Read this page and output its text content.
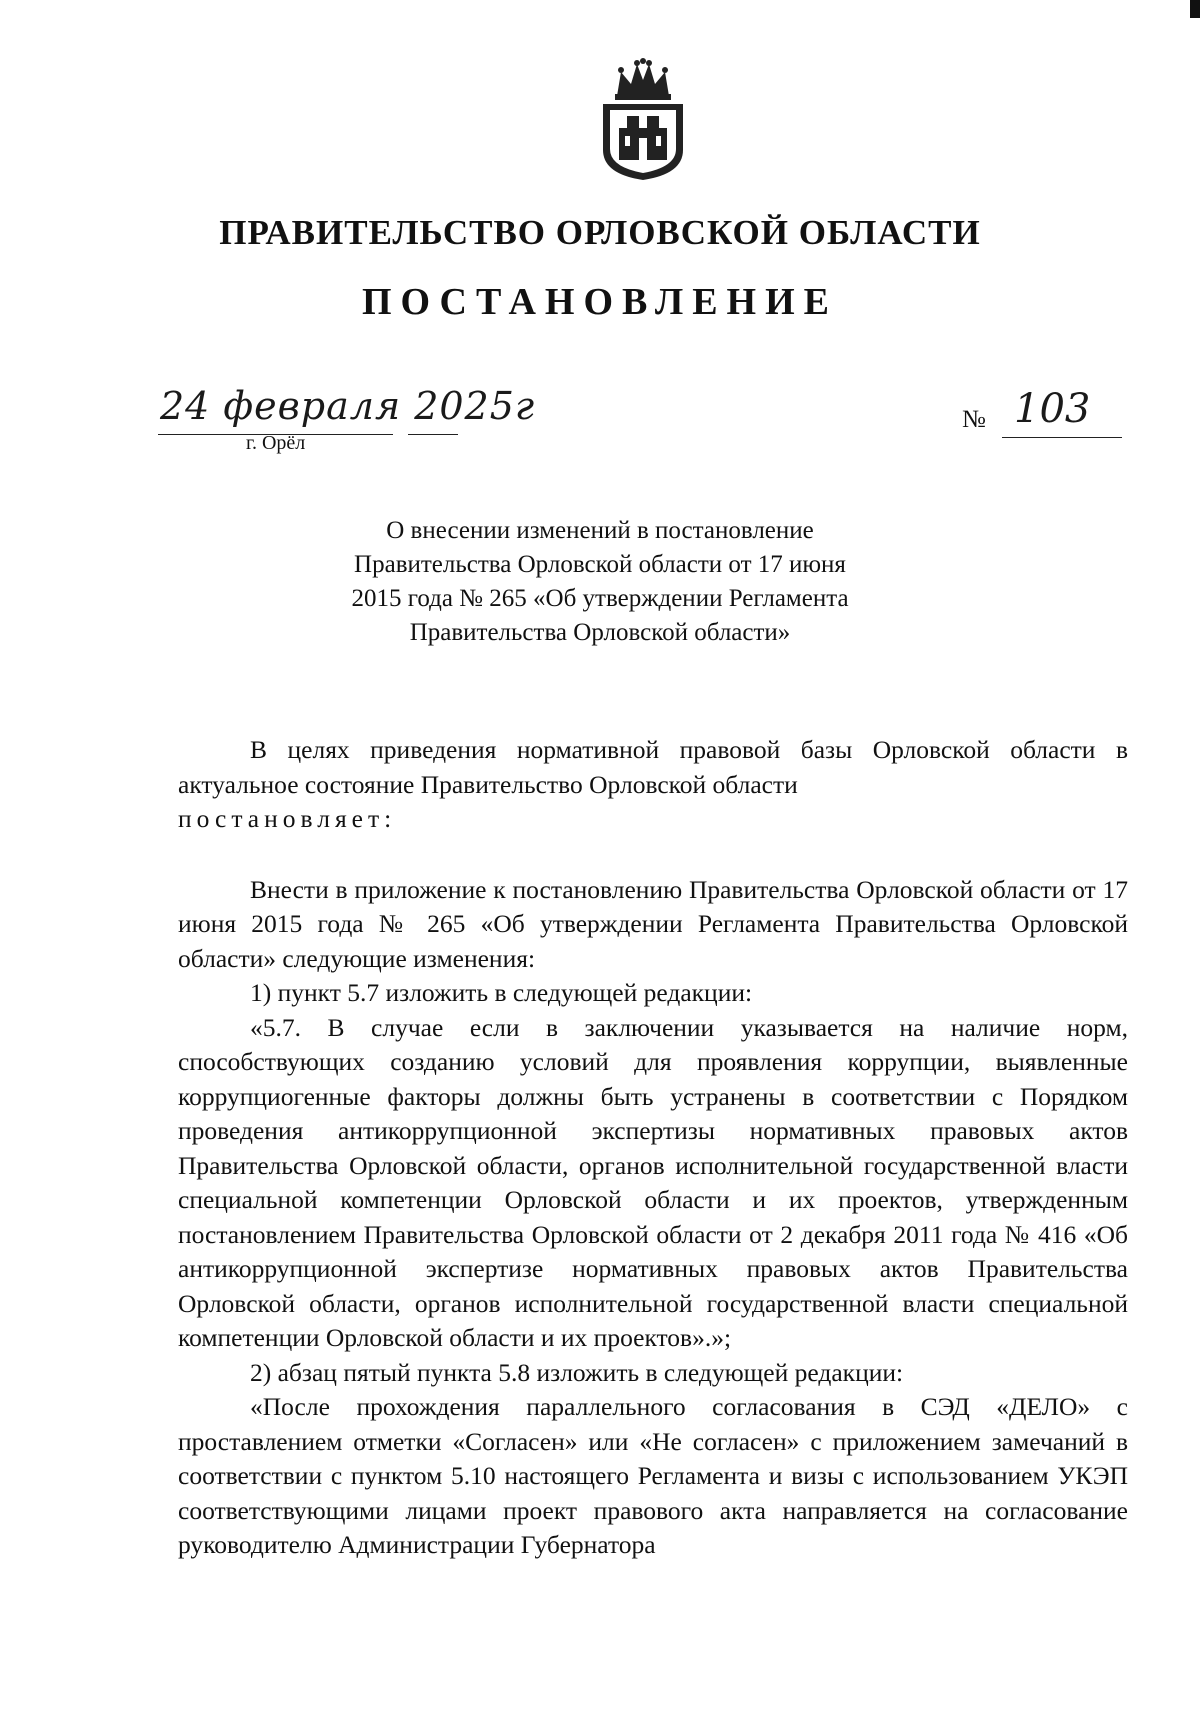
ПРАВИТЕЛЬСТВО ОРЛОВСКОЙ ОБЛАСТИ
ПОСТАНОВЛЕНИЕ
24 февраля 2025г
г. Орёл
№ 103
О внесении изменений в постановление
Правительства Орловской области от 17 июня
2015 года № 265 «Об утверждении Регламента
Правительства Орловской области»

В целях приведения нормативной правовой базы Орловской области в актуальное состояние Правительство Орловской области

постановляет:

Внести в приложение к постановлению Правительства Орловской области от 17 июня 2015 года № 265 «Об утверждении Регламента Правительства Орловской области» следующие изменения:

1) пункт 5.7 изложить в следующей редакции:

«5.7. В случае если в заключении указывается на наличие норм, способствующих созданию условий для проявления коррупции, выявленные коррупциогенные факторы должны быть устранены в соответствии с Порядком проведения антикоррупционной экспертизы нормативных правовых актов Правительства Орловской области, органов исполнительной государственной власти специальной компетенции Орловской области и их проектов, утвержденным постановлением Правительства Орловской области от 2 декабря 2011 года № 416 «Об антикоррупционной экспертизе нормативных правовых актов Правительства Орловской области, органов исполнительной государственной власти специальной компетенции Орловской области и их проектов».»;

2) абзац пятый пункта 5.8 изложить в следующей редакции:

«После прохождения параллельного согласования в СЭД «ДЕЛО» с проставлением отметки «Согласен» или «Не согласен» с приложением замечаний в соответствии с пунктом 5.10 настоящего Регламента и визы с использованием УКЭП соответствующими лицами проект правового акта направляется на согласование руководителю Администрации Губернатора
